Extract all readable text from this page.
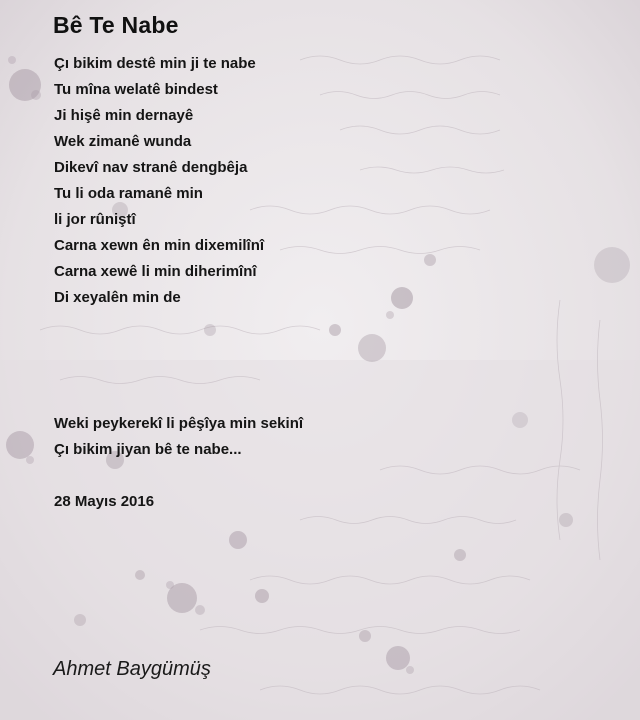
Bê Te Nabe
Çı bikim destê min ji te nabe
Tu mîna welatê bindest
Ji hişê min dernayê
Wek zimanê wunda
Dikevî nav stranê dengbêja
Tu li oda ramanê min
li jor rûniştî
Carna xewn ên min dixemilînî
Carna xewê li min diherimînî
Di xeyalên min de
Weki peykerekî li pêşîya min sekinî
Çı bikim jiyan bê te nabe...
28 Mayıs 2016
Ahmet Baygümüş
